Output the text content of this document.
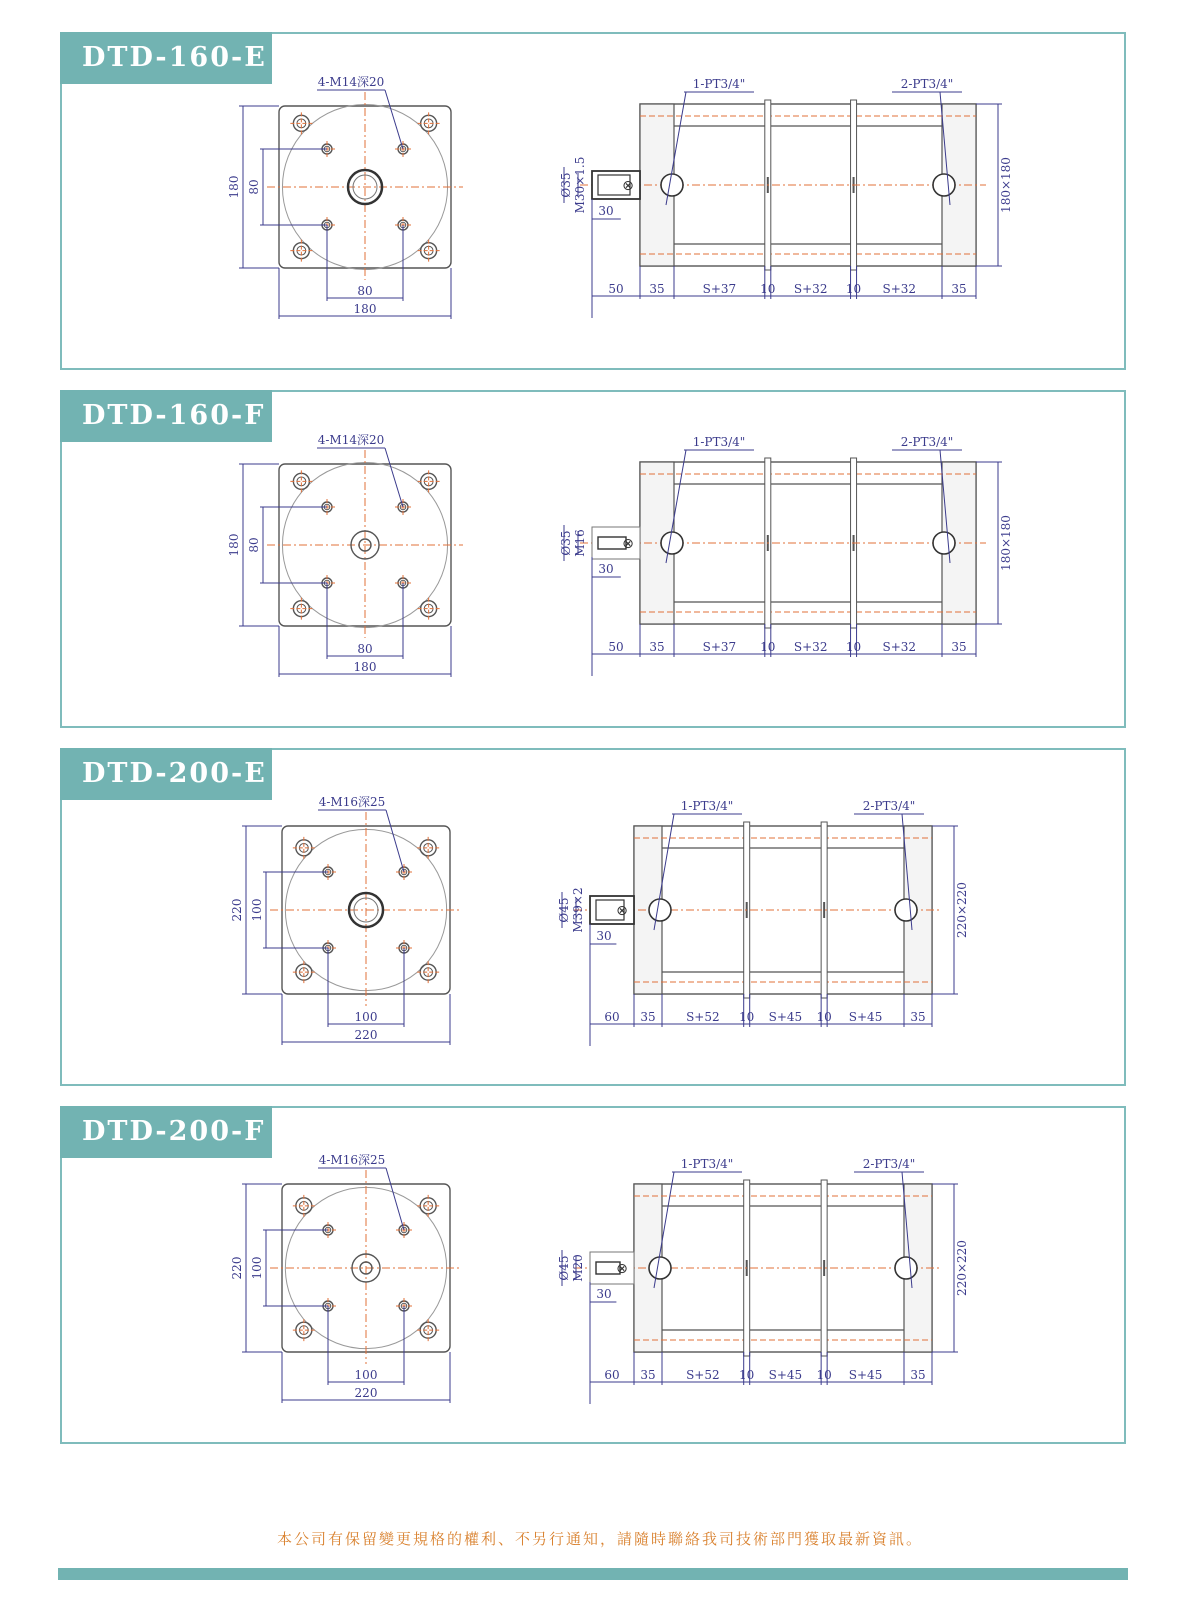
DTD-160-E
4-M14深20
180 80
80
180
⊗
1-PT3/4"	2-PT3/4"
Ø35 M30×1.5 30	180×180
50 35	S+37 10 S+32 10 S+32	35
DTD-160-F
4-M14深20
180 80
80
180
⊗
1-PT3/4"	2-PT3/4"
Ø35 M16
30	180×180
50 35	S+37 10 S+32 10 S+32	35
DTD-200-E
4-M16深25
220 100
100
220
⊗
1-PT3/4"	2-PT3/4"
Ø45 M39×2
30	220×220
60 35	S+52 10 S+45 10 S+45 35
DTD-200-F
4-M16深25
220 100
100
220
⊗
1-PT3/4"	2-PT3/4"
Ø45 M20
30	220×220
60 35	S+52 10 S+45 10 S+45 35
本公司有保留變更規格的權利、不另行通知，請隨時聯絡我司技術部門獲取最新資訊。
